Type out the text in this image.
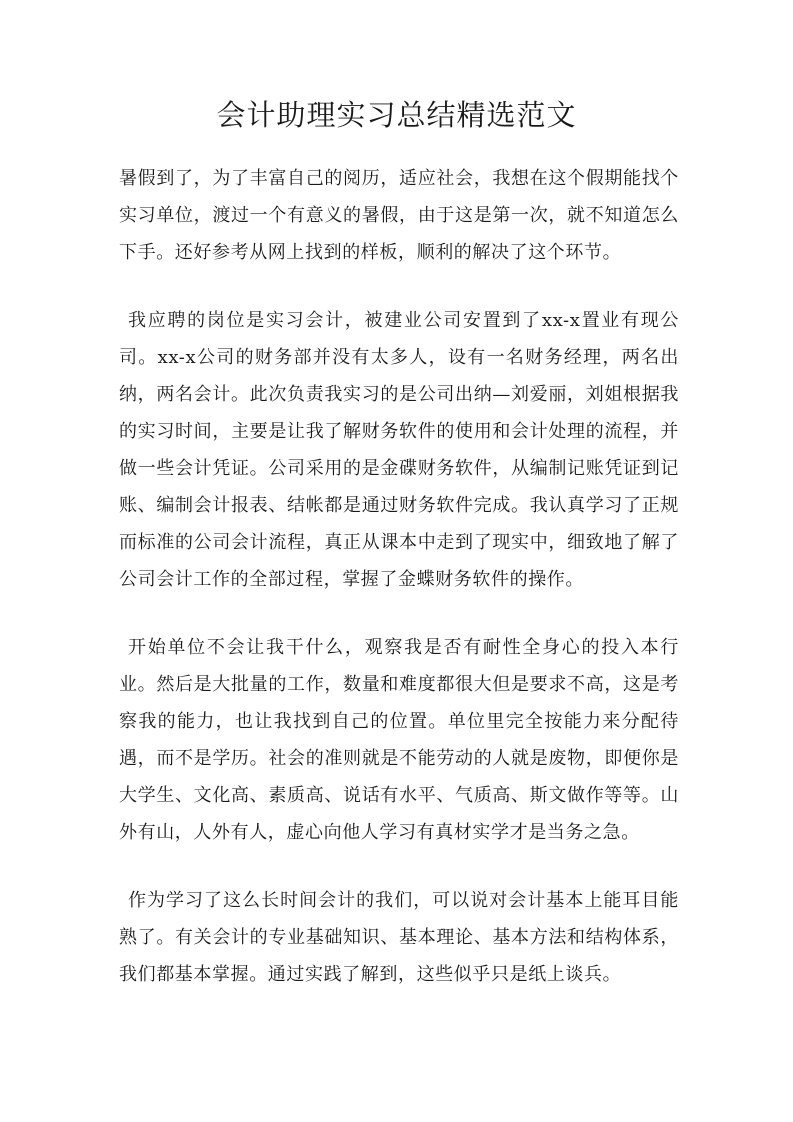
会计助理实习总结精选范文

暑假到了，为了丰富自己的阅历，适应社会，我想在这个假期能找个实习单位，渡过一个有意义的暑假，由于这是第一次，就不知道怎么下手。还好参考从网上找到的样板，顺利的解决了这个环节。

我应聘的岗位是实习会计，被建业公司安置到了xx-x置业有现公司。xx-x公司的财务部并没有太多人，设有一名财务经理，两名出纳，两名会计。此次负责我实习的是公司出纳—刘爱丽，刘姐根据我的实习时间，主要是让我了解财务软件的使用和会计处理的流程，并做一些会计凭证。公司采用的是金碟财务软件，从编制记账凭证到记账、编制会计报表、结帐都是通过财务软件完成。我认真学习了正规而标准的公司会计流程，真正从课本中走到了现实中，细致地了解了公司会计工作的全部过程，掌握了金蝶财务软件的操作。

开始单位不会让我干什么，观察我是否有耐性全身心的投入本行业。然后是大批量的工作，数量和难度都很大但是要求不高，这是考察我的能力，也让我找到自己的位置。单位里完全按能力来分配待遇，而不是学历。社会的准则就是不能劳动的人就是废物，即便你是大学生、文化高、素质高、说话有水平、气质高、斯文做作等等。山外有山，人外有人，虚心向他人学习有真材实学才是当务之急。

作为学习了这么长时间会计的我们，可以说对会计基本上能耳目能熟了。有关会计的专业基础知识、基本理论、基本方法和结构体系，我们都基本掌握。通过实践了解到，这些似乎只是纸上谈兵。
